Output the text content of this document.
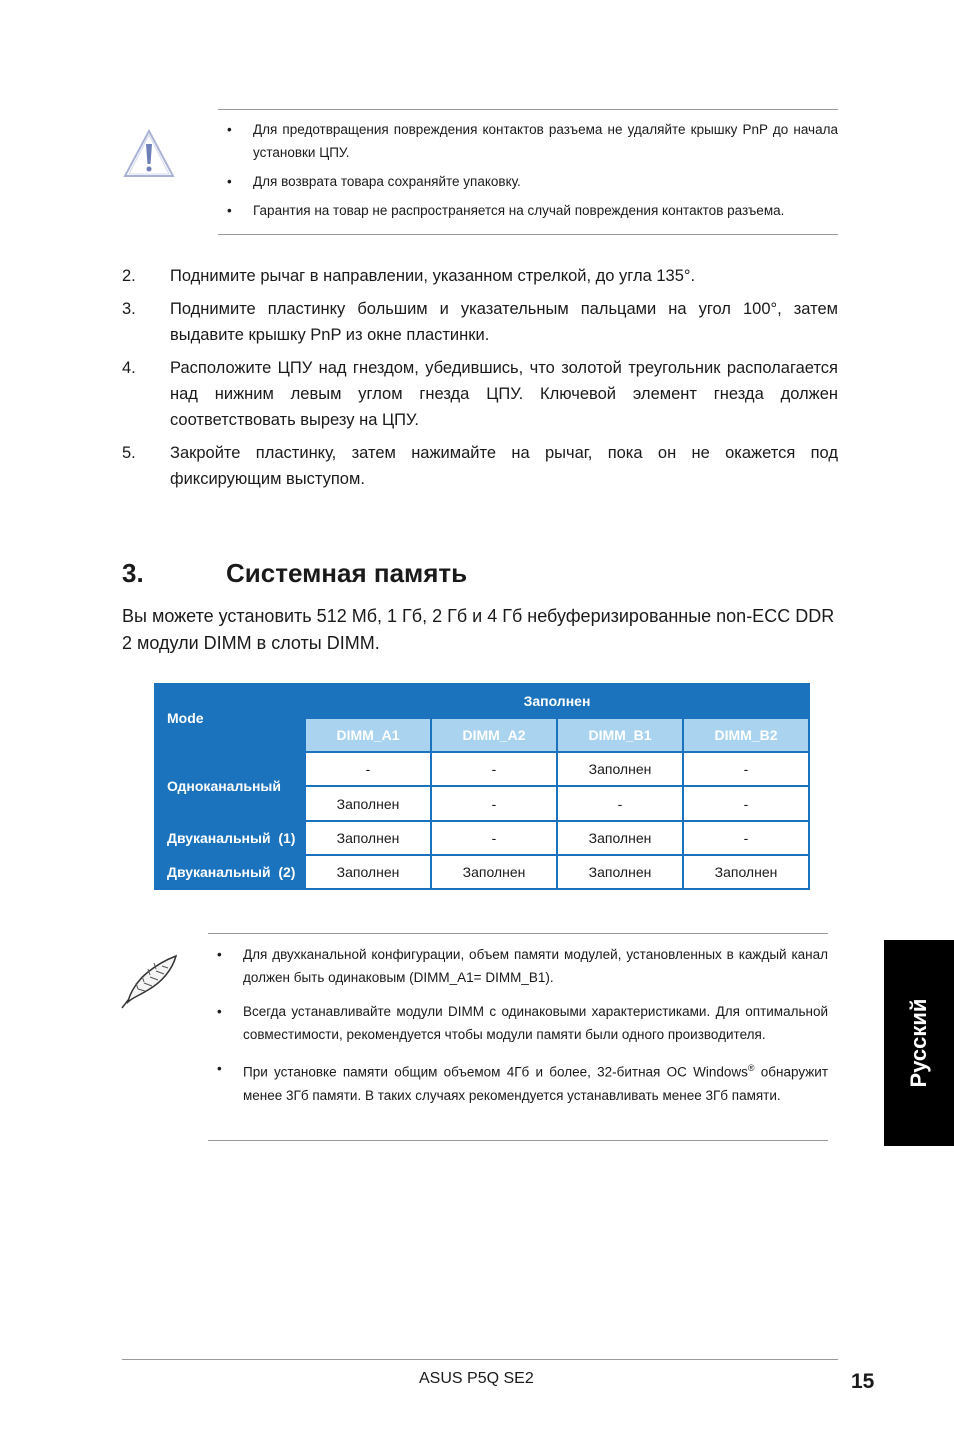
• Для предотвращения повреждения контактов разъема не удаляйте крышку PnP до начала установки ЦПУ.
• Для возврата товара сохраняйте упаковку.
• Гарантия на товар не распространяется на случай повреждения контактов разъема.
2. Поднимите рычаг в направлении, указанном стрелкой, до угла 135°.
3. Поднимите пластинку большим и указательным пальцами на угол 100°, затем выдавите крышку PnP из окне пластинки.
4. Расположите ЦПУ над гнездом, убедившись, что золотой треугольник располагается над нижним левым углом гнезда ЦПУ. Ключевой элемент гнезда должен соответствовать вырезу на ЦПУ.
5. Закройте пластинку, затем нажимайте на рычаг, пока он не окажется под фиксирующим выступом.
3.	Системная память
Вы можете установить 512 Мб, 1 Гб, 2 Гб и 4 Гб небуферизированные non-ECC DDR 2 модули DIMM в слоты DIMM.
Mode	Заполнен			
	DIMM_A1	DIMM_A2	DIMM_B1	DIMM_B2
Одноканальный	-	-	Заполнен	-
	Заполнен	-	-	-
Двуканальный  (1)	Заполнен	-	Заполнен	-
Двуканальный  (2)	Заполнен	Заполнен	Заполнен	Заполнен
• Для двухканальной конфигурации, объем памяти модулей, установленных в каждый канал должен быть одинаковым (DIMM_A1= DIMM_B1).
• Всегда устанавливайте модули DIMM с одинаковыми характеристиками. Для оптимальной совместимости, рекомендуется чтобы модули памяти были одного производителя.
• При установке памяти общим объемом 4Гб и более, 32-битная ОС Windows® обнаружит менее 3Гб памяти. В таких случаях рекомендуется устанавливать менее 3Гб памяти.
Русский
ASUS P5Q SE2	15
